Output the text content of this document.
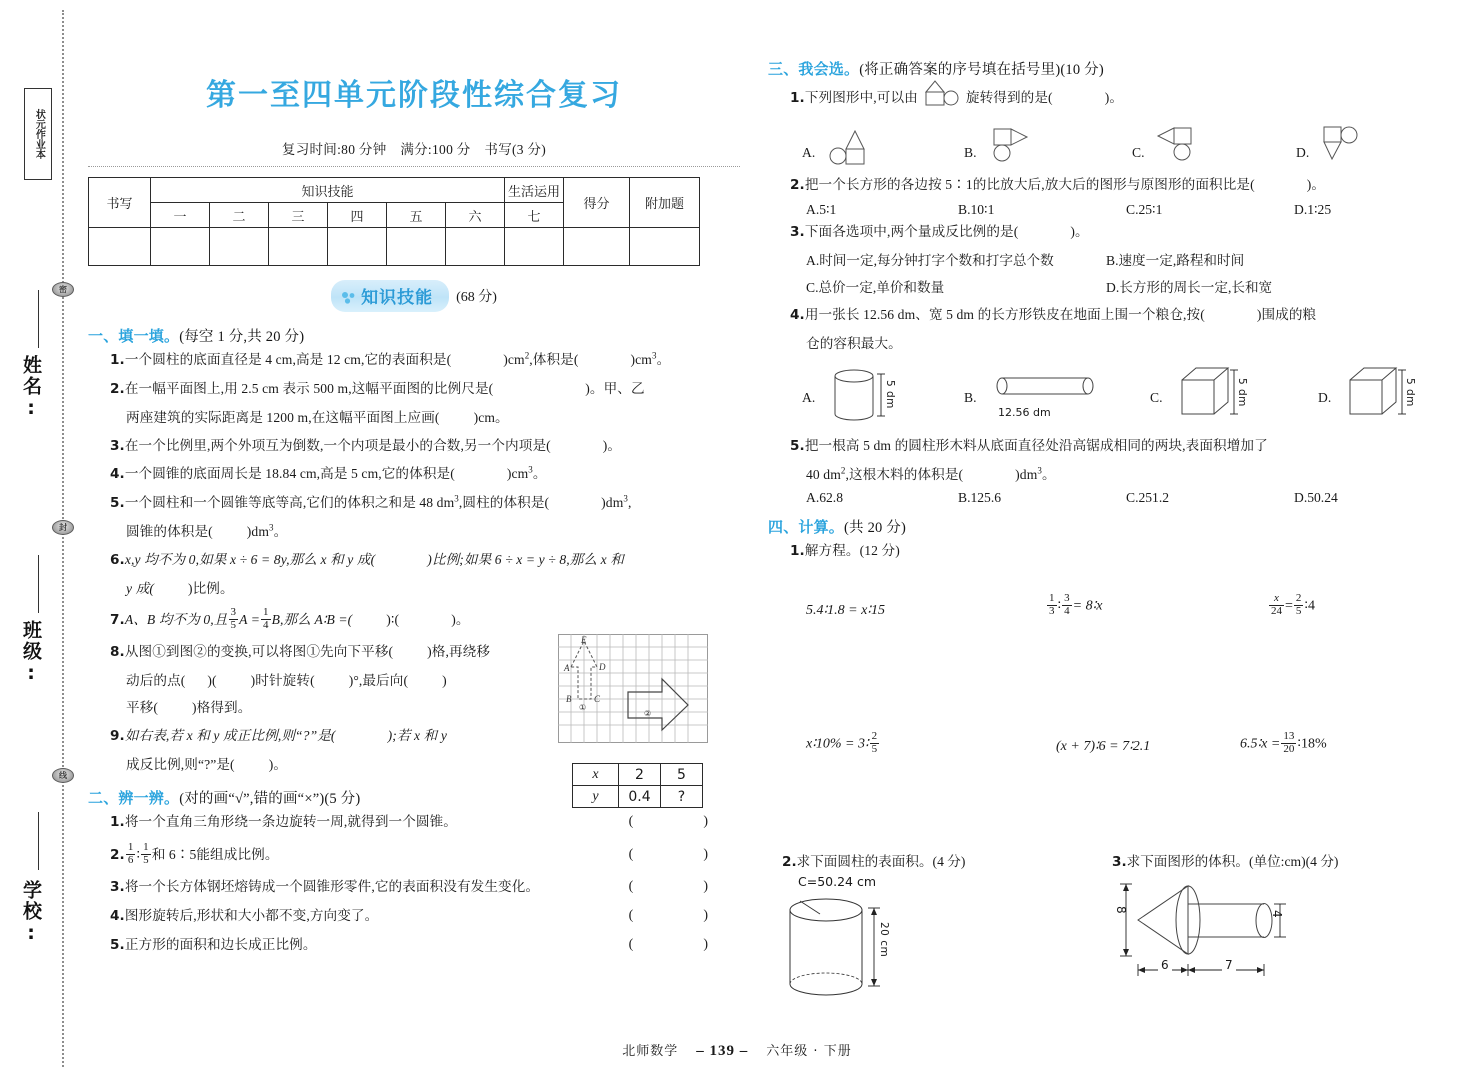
状元作业本
密
封
线
姓名:
班级:
学校:
第一至四单元阶段性综合复习
复习时间:80 分钟　满分:100 分　书写(3 分)
书写	知识技能						生活运用	得分	附加题
	一	二	三	四	五	六	七		

知识技能 (68 分)
一、填一填。(每空 1 分,共 20 分)
1.一个圆柱的底面直径是 4 cm,高是 12 cm,它的表面积是(	)$cm^2$,体积是(	)$cm^3$。
2.在一幅平面图上,用 2.5 cm 表示 500 m,这幅平面图的比例尺是(	)。甲、乙
两座建筑的实际距离是 1200 m,在这幅平面图上应画(	)cm。
3.在一个比例里,两个外项互为倒数,一个内项是最小的合数,另一个内项是(	)。
4.一个圆锥的底面周长是 18.84 cm,高是 5 cm,它的体积是(	)$cm^3$。
5.一个圆柱和一个圆锥等底等高,它们的体积之和是 48 $dm^3$,圆柱的体积是(	)$dm^3$,
圆锥的体积是(	)$dm^3$。
6.x,y 均不为 0,如果 x ÷ 6 = 8y,那么 x 和 y 成(	)比例;如果 6 ÷ x = y ÷ 8,那么 x 和
y 成(	)比例。
7.A、B 均不为 0,且 $\frac{3}{5}$ $A = \frac{1}{4} B$,那么 A∶B =(	)∶(	)。
8.从图①到图②的变换,可以将图①先向下平移(	)格,再绕移
动后的点( )(	)时针旋转(	)°,最后向(	)
平移(	)格得到。
9.如右表,若 x 和 y 成正比例,则“?”是(	);若 x 和 y
成反比例,则“?”是(	)。
二、辨一辨。(对的画“√”,错的画“×”)(5 分)
1.将一个直角三角形绕一条边旋转一周,就得到一个圆锥。	(　　)
2. $\frac{1}{6}$ ∶ $\frac{1}{5}$ 和 6∶5能组成比例。	(　　)
3.将一个长方体钢坯熔铸成一个圆锥形零件,它的表面积没有发生变化。	(　　)
4.图形旋转后,形状和大小都不变,方向变了。	(　　)
5.正方形的面积和边长成正比例。	(　　)
A
B	C
D
E
①
②
x	2	5
y	0.4	?
三、我会选。(将正确答案的序号填在括号里)(10 分)
1.下列图形中,可以由	旋转得到的是(	)。
A.	B.	C.	D.
2.把一个长方形的各边按 5∶1的比放大后,放大后的图形与原图形的面积比是(	)。
A.5∶1	B.10∶1	C.25∶1	D.1∶25
3.下面各选项中,两个量成反比例的是(	)。
A.时间一定,每分钟打字个数和打字总个数	B.速度一定,路程和时间
C.总价一定,单价和数量	D.长方形的周长一定,长和宽
4.用一张长 12.56 dm、宽 5 dm 的长方形铁皮在地面上围一个粮仓,按(	)围成的粮
仓的容积最大。
A.	5 dm	B.
12.56 dm
C.	5 dm	D.	5 dm
5.把一根高 5 dm 的圆柱形木料从底面直径处沿高锯成相同的两块,表面积增加了
40 $dm^2$,这根木料的体积是(	)$dm^3$。
A.62.8	B.125.6	C.251.2	D.50.24
四、计算。(共 20 分)
1.解方程。(12 分)
5.4∶1.8 = x∶15	$\frac{1}{3}$ ∶ $\frac{3}{4}$ = 8∶x	$\frac{x}{24} = \frac{2}{5}$ ∶4
x∶10% = 3∶ $\frac{2}{5}$	(x + 7)∶6 = 7∶2.1	6.5∶x = $\frac{13}{20}$ ∶18%
2.求下面圆柱的表面积。(4 分)
C=50.24 cm
20 cm
3.求下面图形的体积。(单位:cm)(4 分)
8	4
6	7
北师数学 – 139 – 六年级 · 下册
